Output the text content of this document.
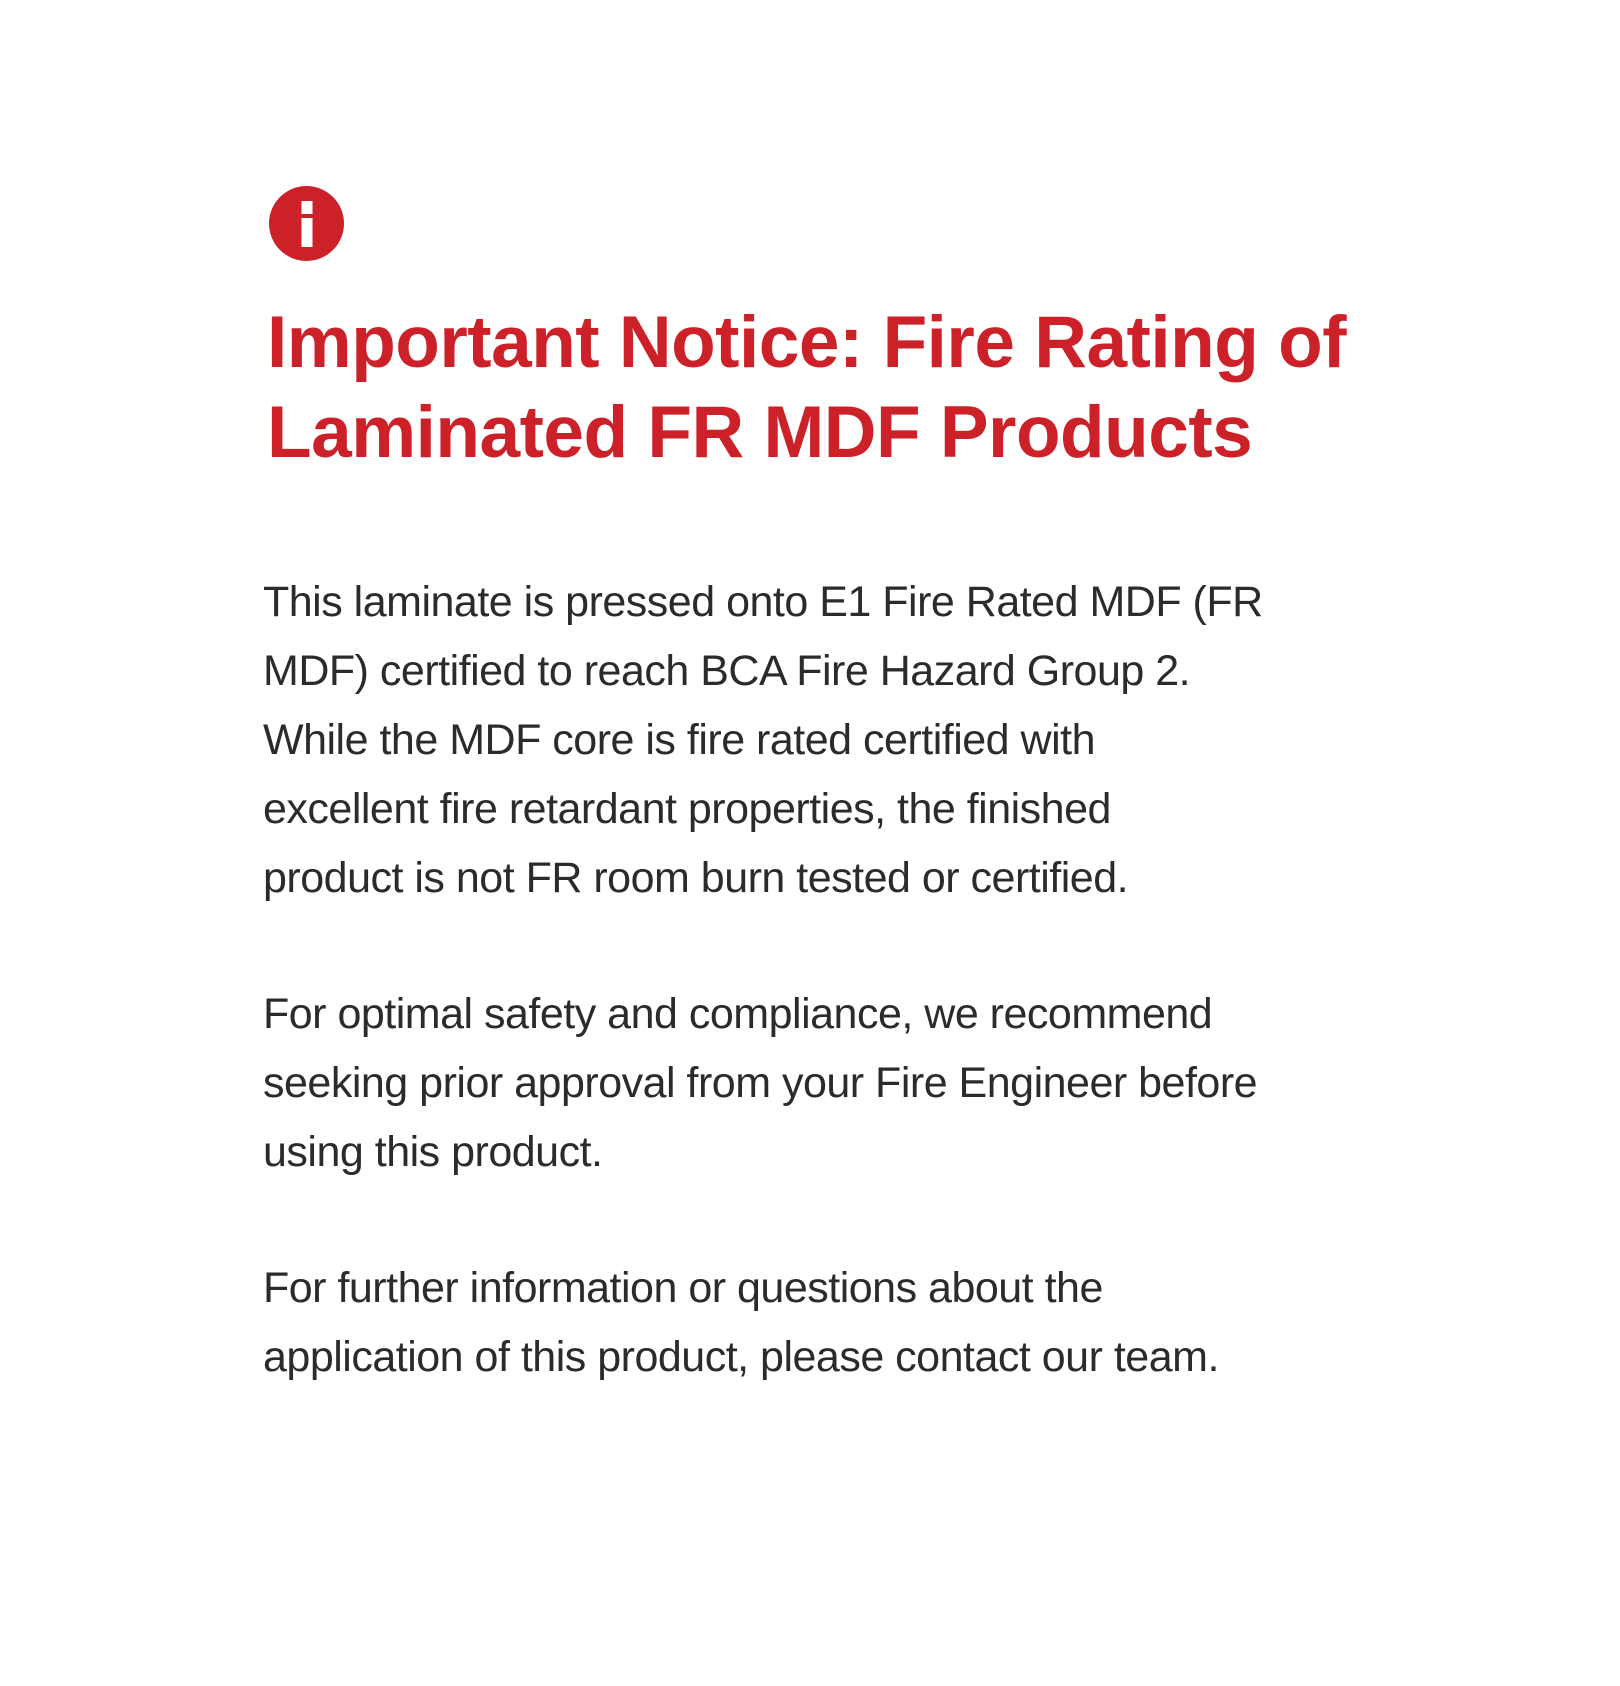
Important Notice: Fire Rating of
Laminated FR MDF Products

This laminate is pressed onto E1 Fire Rated MDF (FR
MDF) certified to reach BCA Fire Hazard Group 2.
While the MDF core is fire rated certified with
excellent fire retardant properties, the finished
product is not FR room burn tested or certified.

For optimal safety and compliance, we recommend
seeking prior approval from your Fire Engineer before
using this product.

For further information or questions about the
application of this product, please contact our team.
